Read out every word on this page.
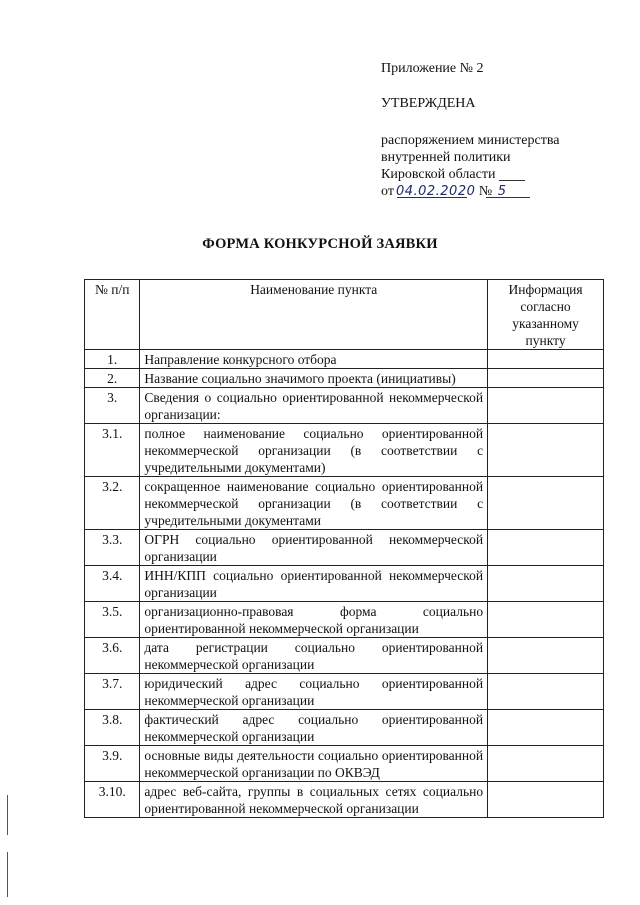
Приложение № 2
УТВЕРЖДЕНА
распоряжением министерства
внутренней политики
Кировской области
от 04.02.2020 № 5
ФОРМА КОНКУРСНОЙ ЗАЯВКИ
№ п/п	Наименование пункта	Информация согласно указанному пункту
1.	Направление конкурсного отбора	
2.	Название социально значимого проекта (инициативы)	
3.	Сведения о социально ориентированной некоммерческой организации:	
3.1.	полное наименование социально ориентированной некоммерческой организации (в соответствии с учредительными документами)	
3.2.	сокращенное наименование социально ориентированной некоммерческой организации (в соответствии с учредительными документами	
3.3.	ОГРН социально ориентированной некоммерческой организации	
3.4.	ИНН/КПП социально ориентированной некоммерческой организации	
3.5.	организационно-правовая форма социально ориентированной некоммерческой организации	
3.6.	дата регистрации социально ориентированной некоммерческой организации	
3.7.	юридический адрес социально ориентированной некоммерческой организации	
3.8.	фактический адрес социально ориентированной некоммерческой организации	
3.9.	основные виды деятельности социально ориентированной некоммерческой организации по ОКВЭД	
3.10.	адрес веб-сайта, группы в социальных сетях социально ориентированной некоммерческой организации	
